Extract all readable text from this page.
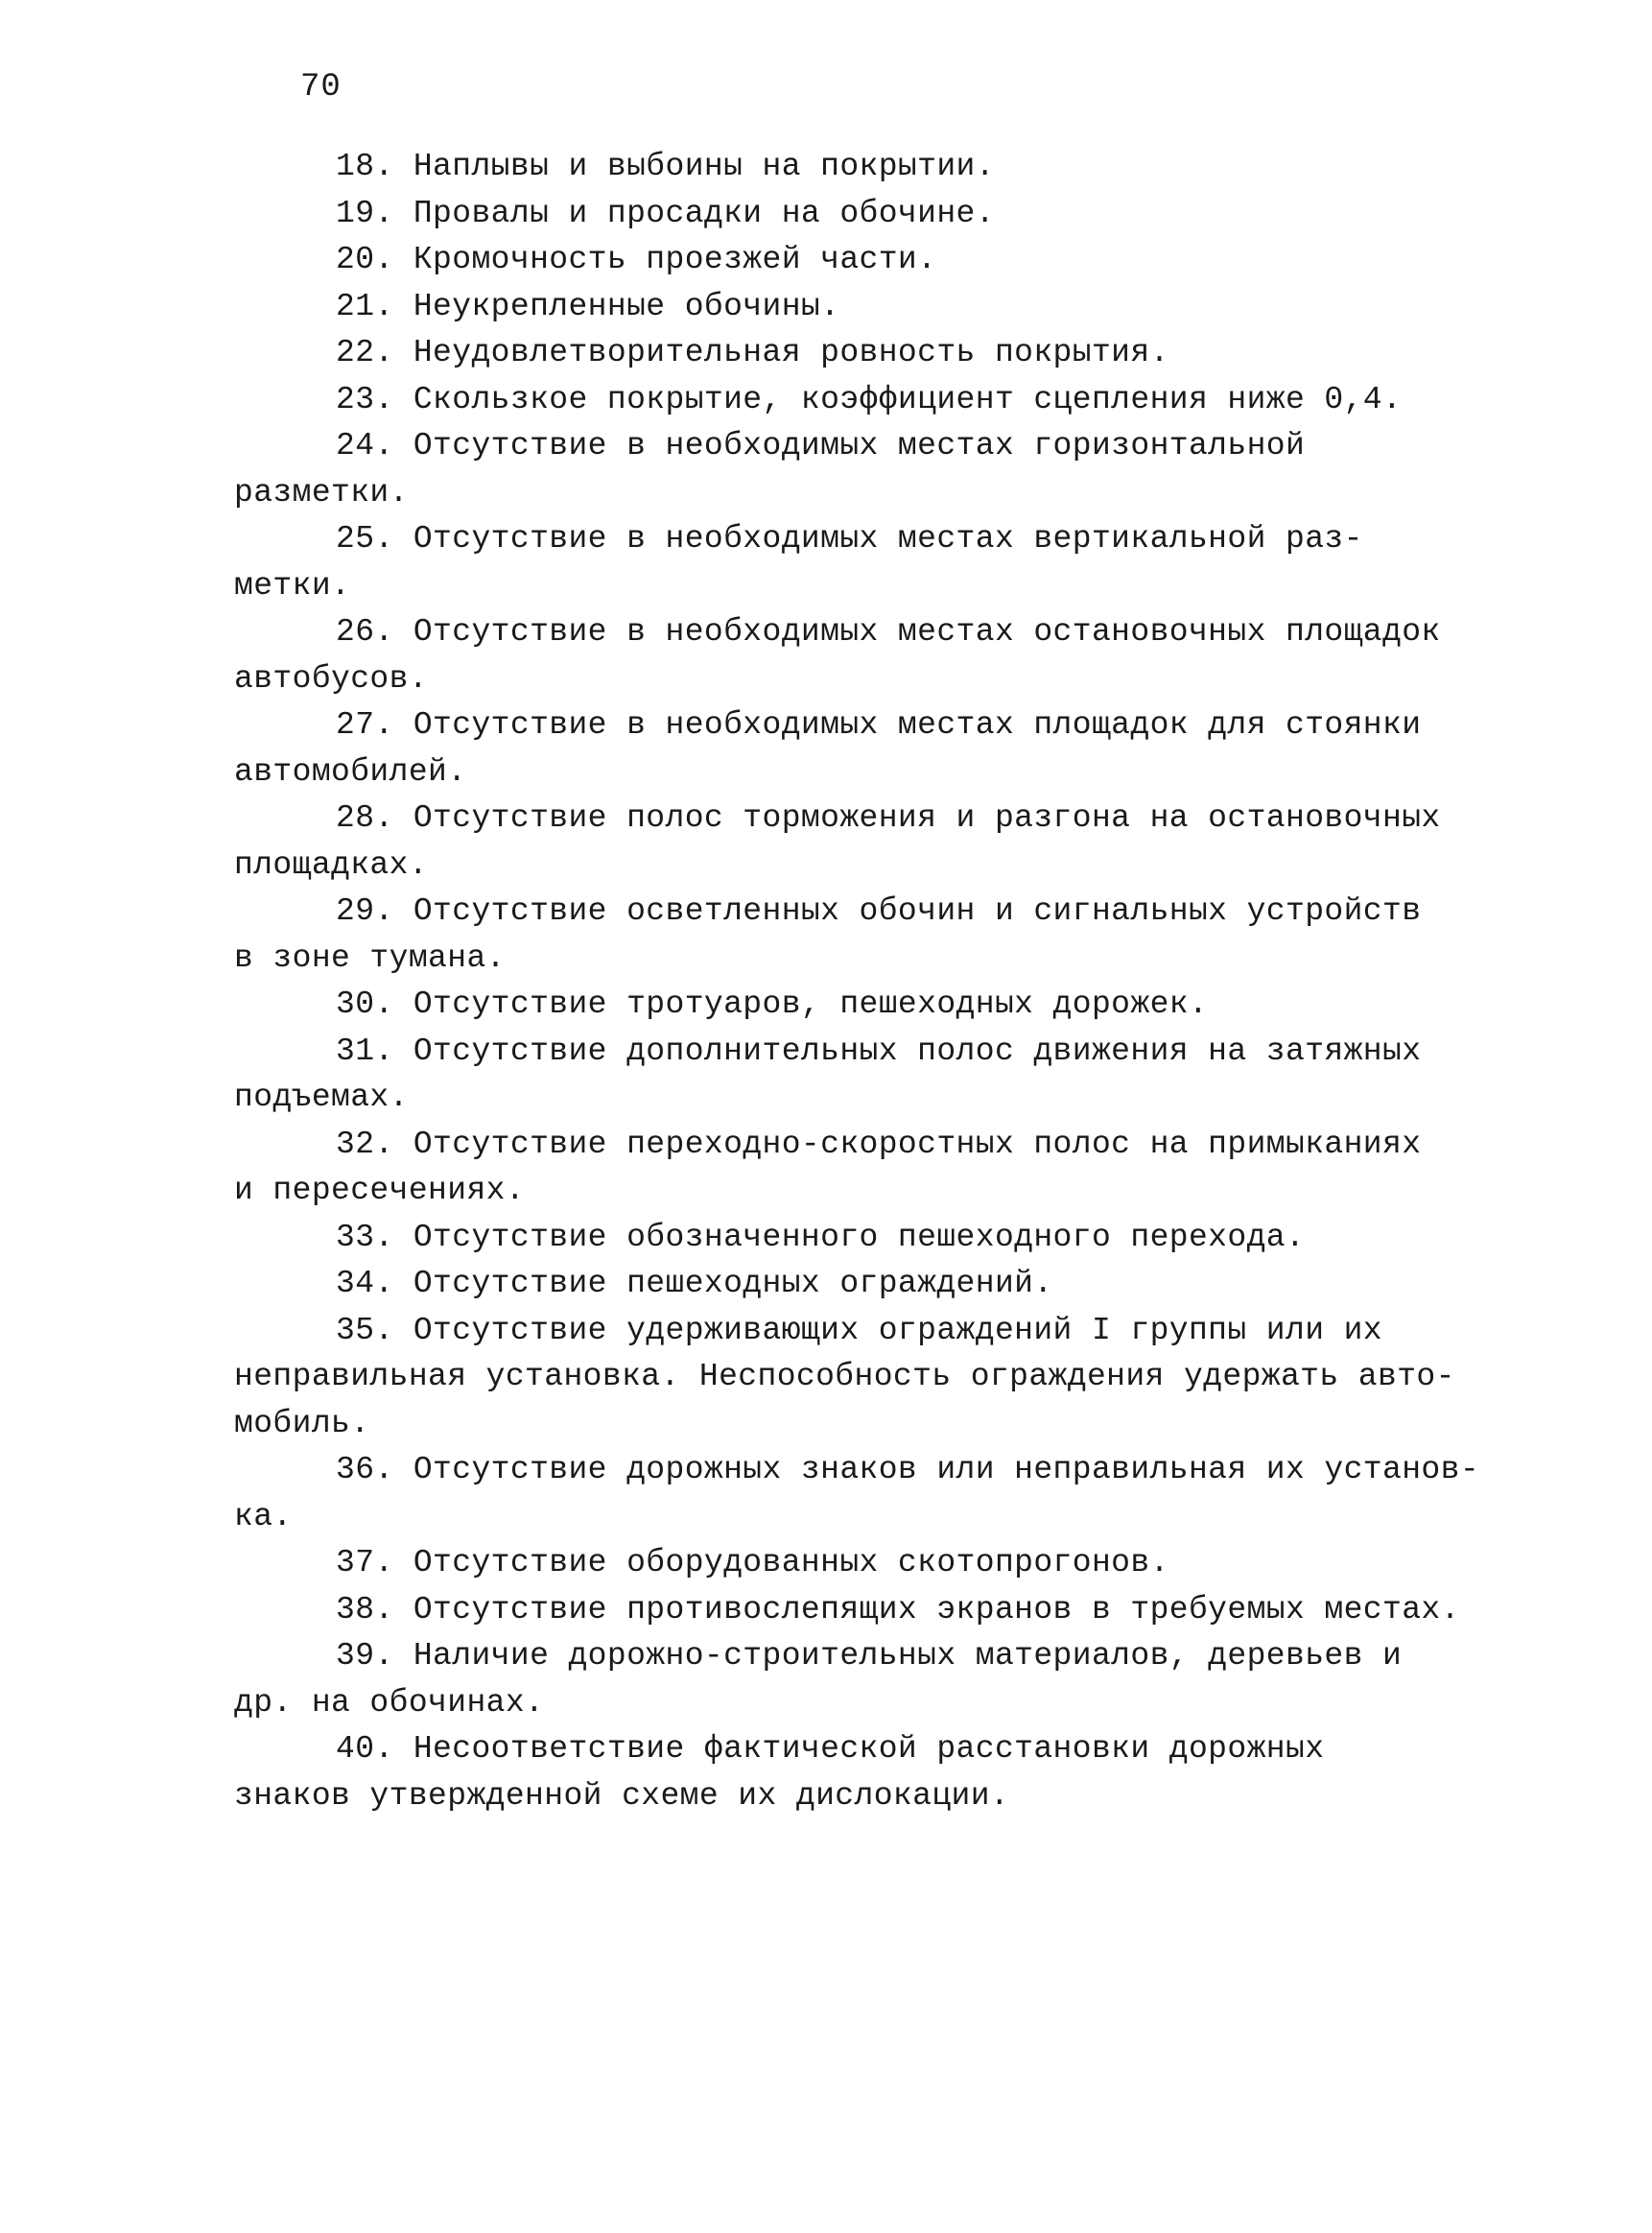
70
18. Наплывы и выбоины на покрытии.
19. Провалы и просадки на обочине.
20. Кромочность проезжей части.
21. Неукрепленные обочины.
22. Неудовлетворительная ровность покрытия.
23. Скользкое покрытие, коэффициент сцепления ниже 0,4.
24. Отсутствие в необходимых местах горизонтальной
разметки.
25. Отсутствие в необходимых местах вертикальной раз-
метки.
26. Отсутствие в необходимых местах остановочных площадок
автобусов.
27. Отсутствие в необходимых местах площадок для стоянки
автомобилей.
28. Отсутствие полос торможения и разгона на остановочных
площадках.
29. Отсутствие осветленных обочин и сигнальных устройств
в зоне тумана.
30. Отсутствие тротуаров, пешеходных дорожек.
31. Отсутствие дополнительных полос движения на затяжных
подъемах.
32. Отсутствие переходно-скоростных полос на примыканиях
и пересечениях.
33. Отсутствие обозначенного пешеходного перехода.
34. Отсутствие пешеходных ограждений.
35. Отсутствие удерживающих ограждений I группы или их
неправильная установка. Неспособность ограждения удержать авто-
мобиль.
36. Отсутствие дорожных знаков или неправильная их установ-
ка.
37. Отсутствие оборудованных скотопрогонов.
38. Отсутствие противослепящих экранов в требуемых местах.
39. Наличие дорожно-строительных материалов, деревьев и
др. на обочинах.
40. Несоответствие фактической расстановки дорожных
знаков утвержденной схеме их дислокации.
